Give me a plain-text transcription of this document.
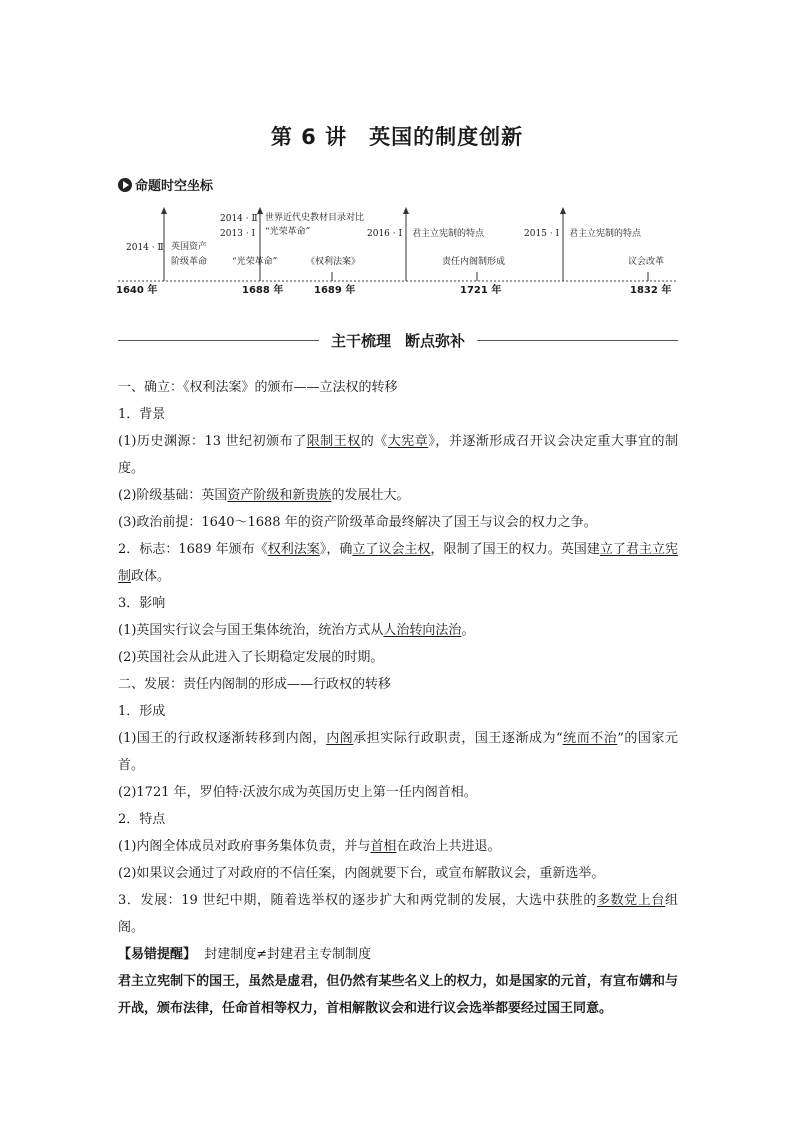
第 6 讲 英国的制度创新
命题时空坐标
2014 · Ⅱ 英国资产
阶级革命
2014 · Ⅱ
2013 · Ⅰ
世界近代史教材目录对比
“光荣革命”
“光荣革命”	《权利法案》
2016 · Ⅰ 君主立宪制的特点
责任内阁制形成
2015 · Ⅰ 君主立宪制的特点
议会改革
1640 年	1688 年	1689 年	1721 年	1832 年
主干梳理 断点弥补

一、确立：《权利法案》的颁布——立法权的转移

1．背景

(1)历史渊源：13 世纪初颁布了限制王权的《大宪章》，并逐渐形成召开议会决定重大事宜的制度。

(2)阶级基础：英国资产阶级和新贵族的发展壮大。

(3)政治前提：1640～1688 年的资产阶级革命最终解决了国王与议会的权力之争。

2．标志：1689 年颁布《权利法案》，确立了议会主权，限制了国王的权力。英国建立了君主立宪制政体。

3．影响

(1)英国实行议会与国王集体统治，统治方式从人治转向法治。

(2)英国社会从此进入了长期稳定发展的时期。

二、发展：责任内阁制的形成——行政权的转移

1．形成

(1)国王的行政权逐渐转移到内阁，内阁承担实际行政职责，国王逐渐成为“统而不治”的国家元首。

(2)1721 年，罗伯特·沃波尔成为英国历史上第一任内阁首相。

2．特点

(1)内阁全体成员对政府事务集体负责，并与首相在政治上共进退。

(2)如果议会通过了对政府的不信任案，内阁就要下台，或宣布解散议会，重新选举。

3．发展：19 世纪中期，随着选举权的逐步扩大和两党制的发展，大选中获胜的多数党上台组阁。

【易错提醒】 封建制度≠封建君主专制制度

君主立宪制下的国王，虽然是虚君，但仍然有某些名义上的权力，如是国家的元首，有宣布媾和与开战，颁布法律，任命首相等权力，首相解散议会和进行议会选举都要经过国王同意。
